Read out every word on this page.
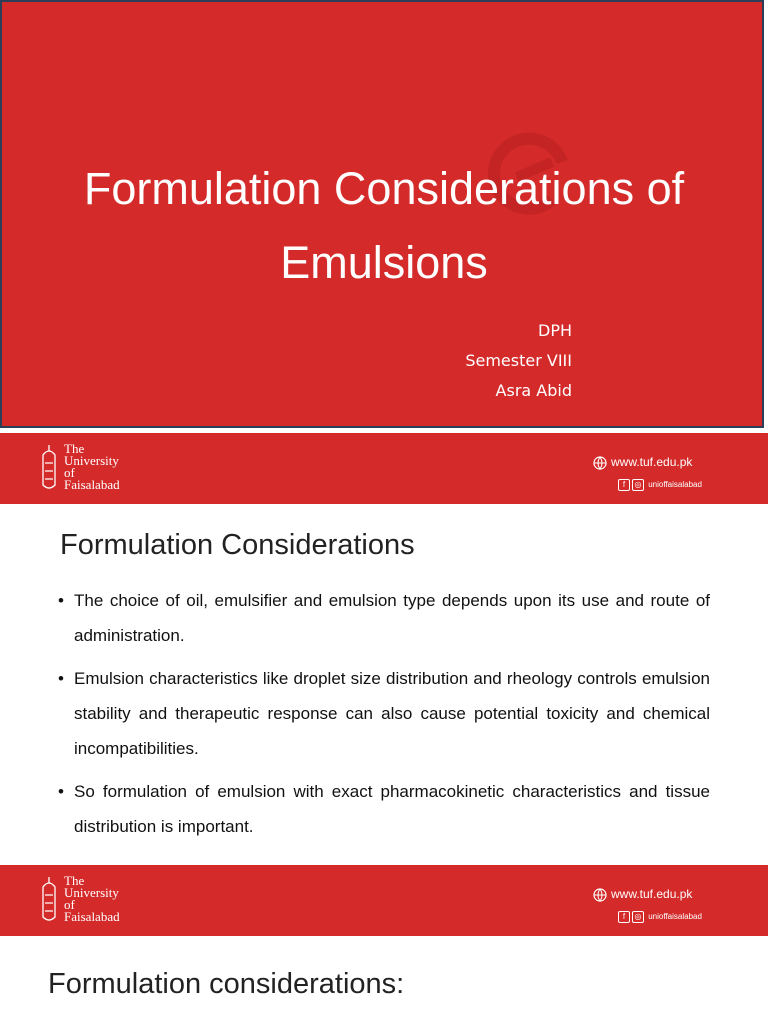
Formulation Considerations of
Emulsions
DPH
Semester VIII
Asra Abid
The
University of
Faisalabad
www.tuf.edu.pk
f ◎ unioffaisalabad
Formulation Considerations
• The choice of oil, emulsifier and emulsion type depends upon its use and route of administration.
• Emulsion characteristics like droplet size distribution and rheology controls emulsion stability and therapeutic response can also cause potential toxicity and chemical incompatibilities.
• So formulation of emulsion with exact pharmacokinetic characteristics and tissue distribution is important.
The
University of
Faisalabad
www.tuf.edu.pk
f ◎ unioffaisalabad
Formulation considerations:
